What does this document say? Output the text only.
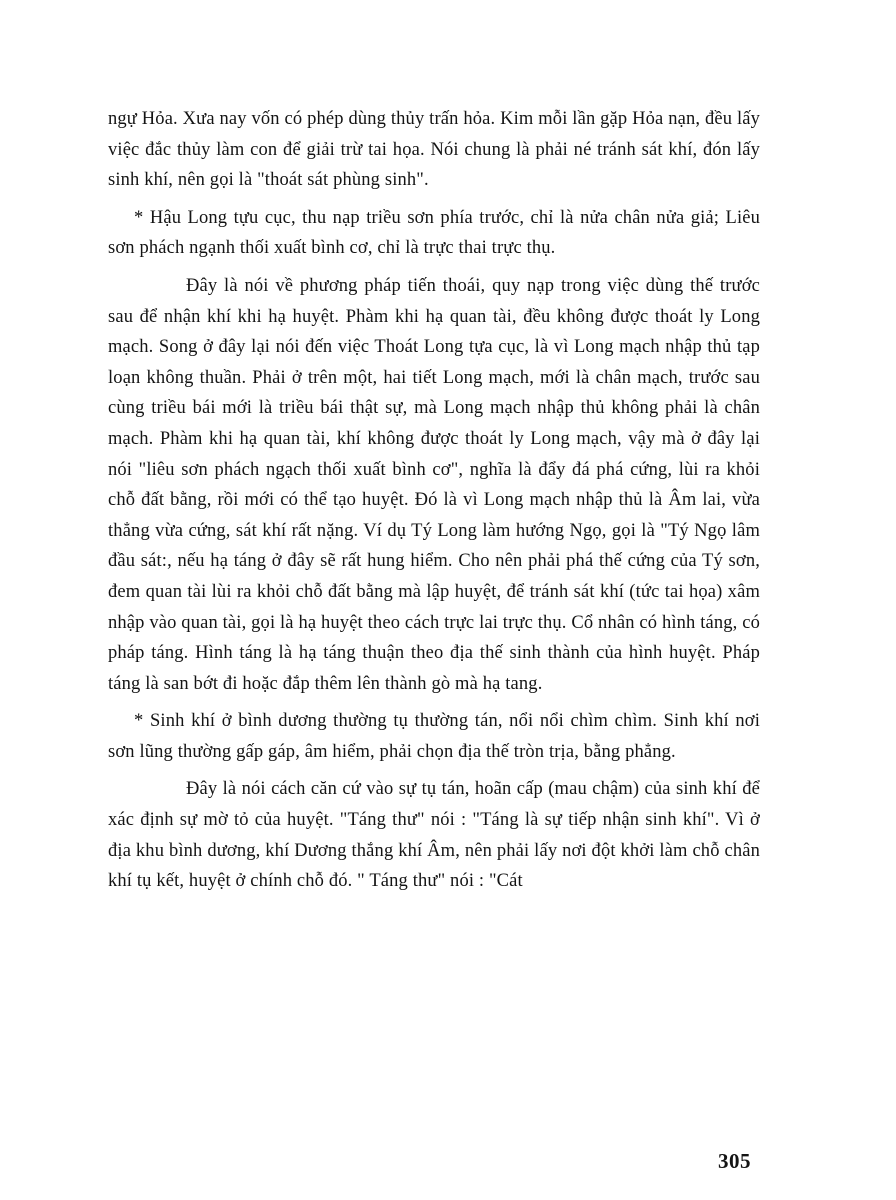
ngự Hỏa. Xưa nay vốn có phép dùng thủy trấn hỏa. Kim mỗi lần gặp Hỏa nạn, đều lấy việc đắc thủy làm con để giải trừ tai họa. Nói chung là phải né tránh sát khí, đón lấy sinh khí, nên gọi là "thoát sát phùng sinh".

* Hậu Long tựu cục, thu nạp triều sơn phía trước, chỉ là nửa chân nửa giả; Liêu sơn phách ngạnh thối xuất bình cơ, chỉ là trực thai trực thụ.

Đây là nói về phương pháp tiến thoái, quy nạp trong việc dùng thế trước sau để nhận khí khi hạ huyệt. Phàm khi hạ quan tài, đều không được thoát ly Long mạch. Song ở đây lại nói đến việc Thoát Long tựa cục, là vì Long mạch nhập thủ tạp loạn không thuần. Phải ở trên một, hai tiết Long mạch, mới là chân mạch, trước sau cùng triều bái mới là triều bái thật sự, mà Long mạch nhập thủ không phải là chân mạch. Phàm khi hạ quan tài, khí không được thoát ly Long mạch, vậy mà ở đây lại nói "liêu sơn phách ngạch thối xuất bình cơ", nghĩa là đẩy đá phá cứng, lùi ra khỏi chỗ đất bằng, rồi mới có thể tạo huyệt. Đó là vì Long mạch nhập thủ là Âm lai, vừa thẳng vừa cứng, sát khí rất nặng. Ví dụ Tý Long làm hướng Ngọ, gọi là "Tý Ngọ lâm đầu sát:, nếu hạ táng ở đây sẽ rất hung hiểm. Cho nên phải phá thế cứng của Tý sơn, đem quan tài lùi ra khỏi chỗ đất bằng mà lập huyệt, để tránh sát khí (tức tai họa) xâm nhập vào quan tài, gọi là hạ huyệt theo cách trực lai trực thụ. Cổ nhân có hình táng, có pháp táng. Hình táng là hạ táng thuận theo địa thế sinh thành của hình huyệt. Pháp táng là san bớt đi hoặc đắp thêm lên thành gò mà hạ tang.

* Sinh khí ở bình dương thường tụ thường tán, nổi nổi chìm chìm. Sinh khí nơi sơn lũng thường gấp gáp, âm hiểm, phải chọn địa thế tròn trịa, bằng phẳng.

Đây là nói cách căn cứ vào sự tụ tán, hoãn cấp (mau chậm) của sinh khí để xác định sự mờ tỏ của huyệt. "Táng thư" nói : "Táng là sự tiếp nhận sinh khí". Vì ở địa khu bình dương, khí Dương thắng khí Âm, nên phải lấy nơi đột khởi làm chỗ chân khí tụ kết, huyệt ở chính chỗ đó. " Táng thư" nói : "Cát

305
